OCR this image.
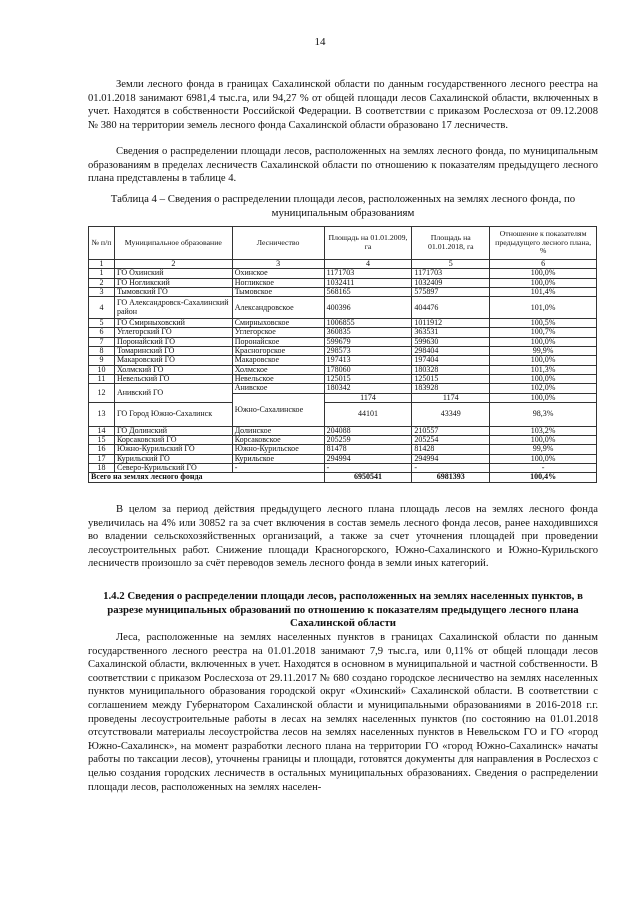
14

Земли лесного фонда в границах Сахалинской области по данным государственного лесного реестра на 01.01.2018 занимают 6981,4 тыс.га, или 94,27 % от общей площади лесов Сахалинской области, включенных в учет. Находятся в собственности Российской Федерации. В соответствии с приказом Рослесхоза от 09.12.2008 № 380 на территории земель лесного фонда Сахалинской области образовано 17 лесничеств.

Сведения о распределении площади лесов, расположенных на землях лесного фонда, по муниципальным образованиям в пределах лесничеств Сахалинской области по отношению к показателям предыдущего лесного плана представлены в таблице 4.

Таблица 4 – Сведения о распределении площади лесов, расположенных на землях лесного фонда, по муниципальным образованиям
№ п/п	Муниципальное образование	Лесничество	Площадь на 01.01.2009, га	Площадь на 01.01.2018, га	Отношение к показателям предыдущего лесного плана, %
1	2	3	4	5	6
1	ГО Охинский	Охинское	1171703	1171703	100,0%
2	ГО Ногликский	Ногликское	1032411	1032409	100,0%
3	Тымовский ГО	Тымовское	568165	575897	101,4%
4	ГО Александровск-Сахалинский район	Александровское	400396	404476	101,0%
5	ГО Смирныховский	Смирныховское	1006855	1011912	100,5%
6	Углегорский ГО	Углегорское	360835	363531	100,7%
7	Поронайский ГО	Поронайское	599679	599630	100,0%
8	Томаринский ГО	Красногорское	298573	298404	99,9%
9	Макаровский ГО	Макаровское	197413	197404	100,0%
10	Холмский ГО	Холмское	178060	180328	101,3%
11	Невельский ГО	Невельское	125015	125015	100,0%
12	Анивский ГО	Анивское	180342	183928	102,0%
		Южно-Сахалинское	1174	1174	100,0%
13	ГО Город Южно-Сахалинск		44101	43349	98,3%
14	ГО Долинский	Долинское	204088	210557	103,2%
15	Корсаковский ГО	Корсаковское	205259	205254	100,0%
16	Южно-Курильский ГО	Южно-Курильское	81478	81428	99,9%
17	Курильский ГО	Курильское	294994	294994	100,0%
18	Северо-Курильский ГО	-	-	-	-
Всего на землях лесного фонда			6950541	6981393	100,4%

В целом за период действия предыдущего лесного плана площадь лесов на землях лесного фонда увеличилась на 4% или 30852 га за счет включения в состав земель лесного фонда лесов, ранее находившихся во владении сельскохозяйственных организаций, а также за счет уточнения площадей при проведении лесоустроительных работ. Снижение площади Красногорского, Южно-Сахалинского и Южно-Курильского лесничеств произошло за счёт переводов земель лесного фонда в земли иных категорий.

1.4.2 Сведения о распределении площади лесов, расположенных на землях населенных пунктов, в разрезе муниципальных образований по отношению к показателям предыдущего лесного плана Сахалинской области

Леса, расположенные на землях населенных пунктов в границах Сахалинской области по данным государственного лесного реестра на 01.01.2018 занимают 7,9 тыс.га, или 0,11% от общей площади лесов Сахалинской области, включенных в учет. Находятся в основном в муниципальной и частной собственности. В соответствии с приказом Рослесхоза от 29.11.2017 № 680 создано городское лесничество на землях населенных пунктов муниципального образования городской округ «Охинский» Сахалинской области. В соответствии с соглашением между Губернатором Сахалинской области и муниципальными образованиями в 2016-2018 г.г. проведены лесоустроительные работы в лесах на землях населенных пунктов (по состоянию на 01.01.2018 отсутствовали материалы лесоустройства лесов на землях населенных пунктов в Невельском ГО и ГО «город Южно-Сахалинск», на момент разработки лесного плана на территории ГО «город Южно-Сахалинск» начаты работы по таксации лесов), уточнены границы и площади, готовятся документы для направления в Рослесхоз с целью создания городских лесничеств в остальных муниципальных образованиях. Сведения о распределении площади лесов, расположенных на землях населен-
